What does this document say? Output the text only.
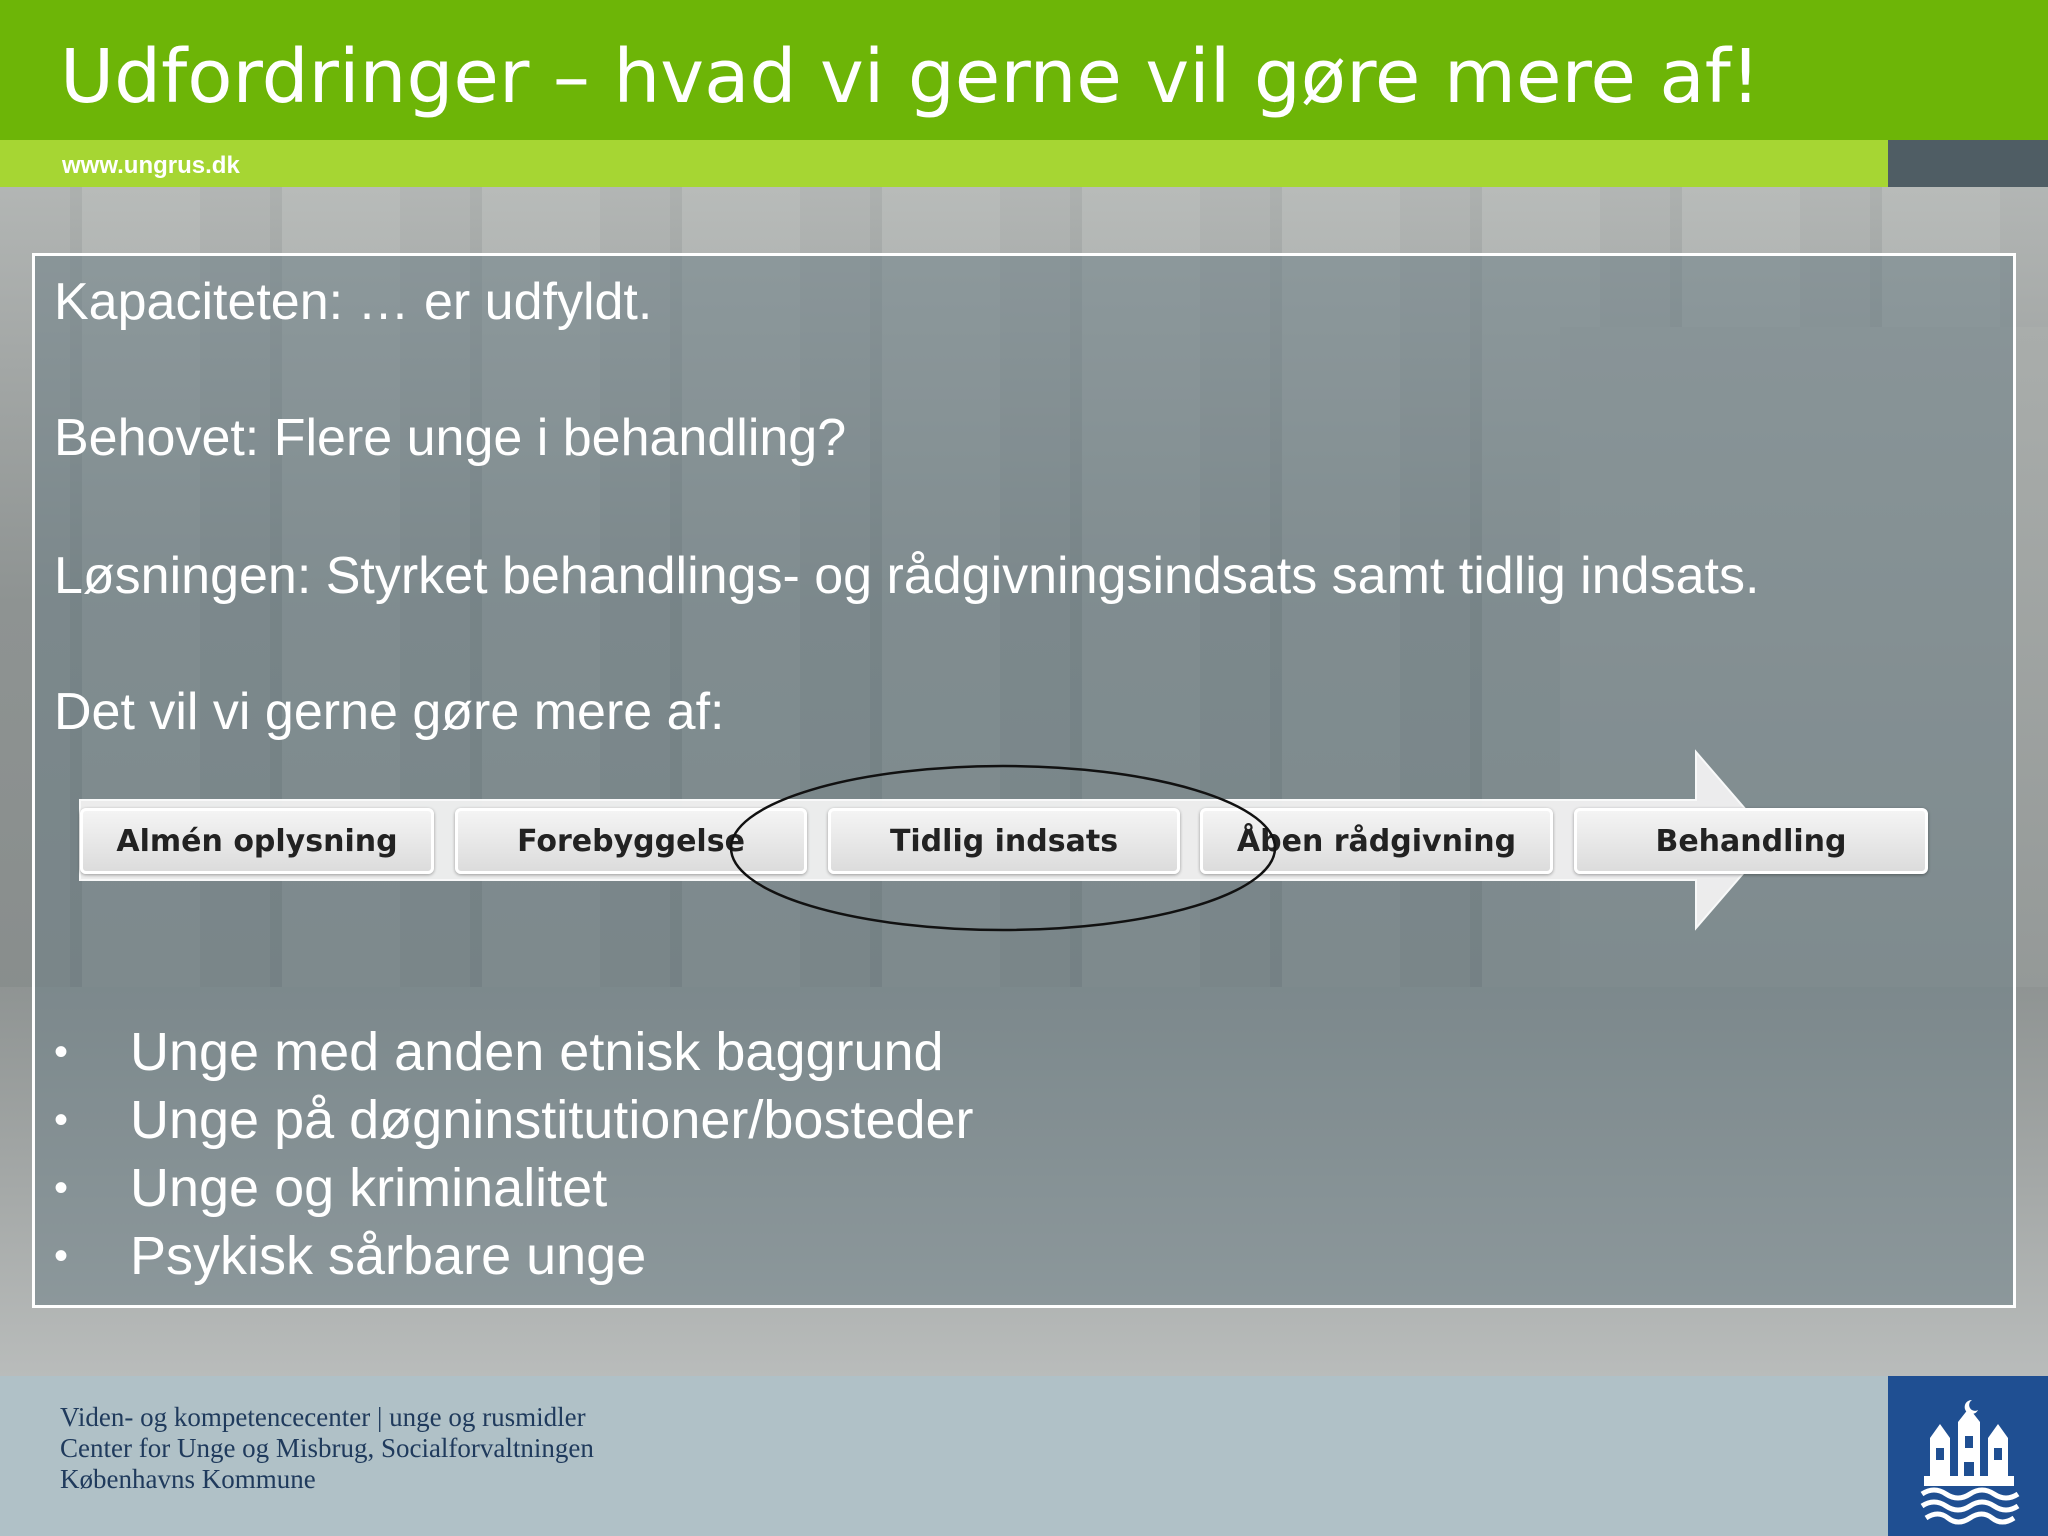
Udfordringer – hvad vi gerne vil gøre mere af!
www.ungrus.dk
Kapaciteten: … er udfyldt.
Behovet: Flere unge i behandling?
Løsningen: Styrket behandlings- og rådgivningsindsats samt tidlig indsats.
Det vil vi gerne gøre mere af:
Almén oplysning	Forebyggelse	Tidlig indsats	Åben rådgivning	Behandling
• Unge med anden etnisk baggrund
• Unge på døgninstitutioner/bosteder
• Unge og kriminalitet
• Psykisk sårbare unge
Viden- og kompetencecenter | unge og rusmidler
Center for Unge og Misbrug, Socialforvaltningen
Københavns Kommune
